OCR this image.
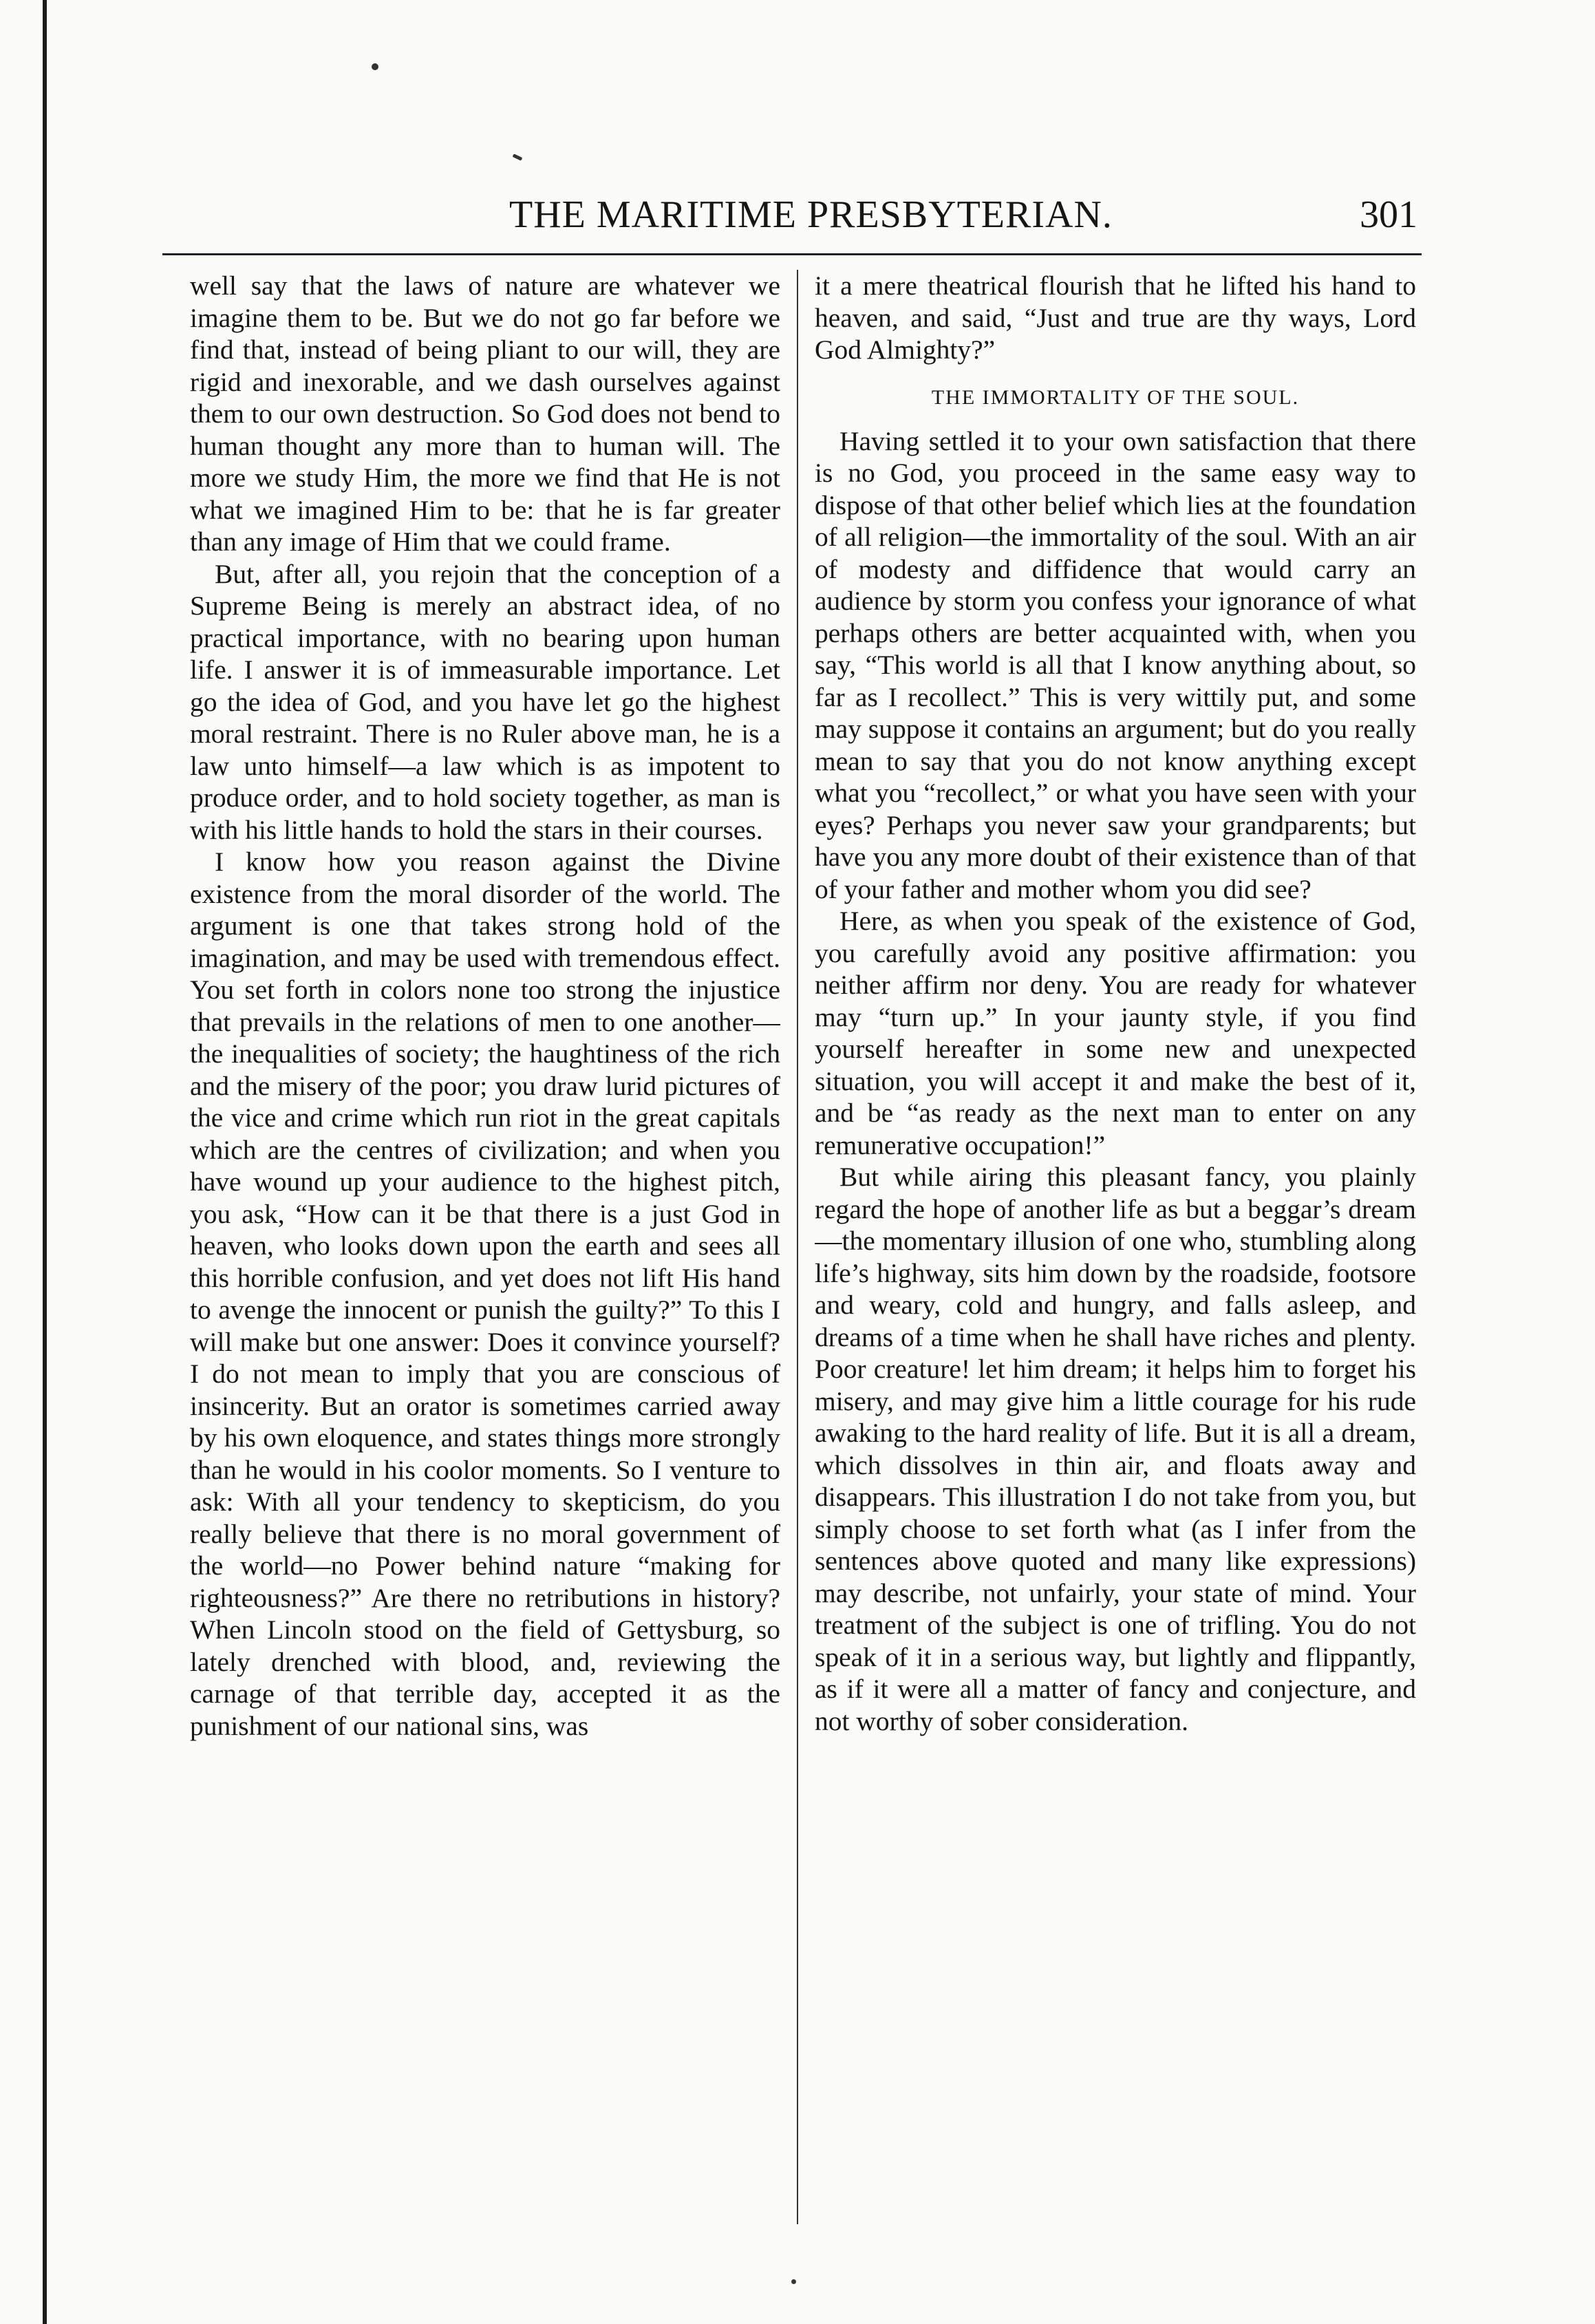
THE MARITIME PRESBYTERIAN.	301

well say that the laws of nature are whatever we imagine them to be. But we do not go far before we find that, instead of being pliant to our will, they are rigid and inexorable, and we dash ourselves against them to our own destruction. So God does not bend to human thought any more than to human will. The more we study Him, the more we find that He is not what we imagined Him to be: that he is far greater than any image of Him that we could frame.

But, after all, you rejoin that the conception of a Supreme Being is merely an abstract idea, of no practical importance, with no bearing upon human life. I answer it is of immeasurable importance. Let go the idea of God, and you have let go the highest moral restraint. There is no Ruler above man, he is a law unto himself—a law which is as impotent to produce order, and to hold society together, as man is with his little hands to hold the stars in their courses.

I know how you reason against the Divine existence from the moral disorder of the world. The argument is one that takes strong hold of the imagination, and may be used with tremendous effect. You set forth in colors none too strong the injustice that prevails in the relations of men to one another—the inequalities of society; the haughtiness of the rich and the misery of the poor; you draw lurid pictures of the vice and crime which run riot in the great capitals which are the centres of civilization; and when you have wound up your audience to the highest pitch, you ask, “How can it be that there is a just God in heaven, who looks down upon the earth and sees all this horrible confusion, and yet does not lift His hand to avenge the innocent or punish the guilty?” To this I will make but one answer: Does it convince yourself? I do not mean to imply that you are conscious of insincerity. But an orator is sometimes carried away by his own eloquence, and states things more strongly than he would in his coolor moments. So I venture to ask: With all your tendency to skepticism, do you really believe that there is no moral government of the world—no Power behind nature “making for righteousness?” Are there no retributions in history? When Lincoln stood on the field of Gettysburg, so lately drenched with blood, and, reviewing the carnage of that terrible day, accepted it as the punishment of our national sins, was

it a mere theatrical flourish that he lifted his hand to heaven, and said, “Just and true are thy ways, Lord God Almighty?”

THE IMMORTALITY OF THE SOUL.

Having settled it to your own satisfaction that there is no God, you proceed in the same easy way to dispose of that other belief which lies at the foundation of all religion—the immortality of the soul. With an air of modesty and diffidence that would carry an audience by storm you confess your ignorance of what perhaps others are better acquainted with, when you say, “This world is all that I know anything about, so far as I recollect.” This is very wittily put, and some may suppose it contains an argument; but do you really mean to say that you do not know anything except what you “recollect,” or what you have seen with your eyes? Perhaps you never saw your grandparents; but have you any more doubt of their existence than of that of your father and mother whom you did see?

Here, as when you speak of the existence of God, you carefully avoid any positive affirmation: you neither affirm nor deny. You are ready for whatever may “turn up.” In your jaunty style, if you find yourself hereafter in some new and unexpected situation, you will accept it and make the best of it, and be “as ready as the next man to enter on any remunerative occupation!”

But while airing this pleasant fancy, you plainly regard the hope of another life as but a beggar’s dream—the momentary illusion of one who, stumbling along life’s highway, sits him down by the roadside, footsore and weary, cold and hungry, and falls asleep, and dreams of a time when he shall have riches and plenty. Poor creature! let him dream; it helps him to forget his misery, and may give him a little courage for his rude awaking to the hard reality of life. But it is all a dream, which dissolves in thin air, and floats away and disappears. This illustration I do not take from you, but simply choose to set forth what (as I infer from the sentences above quoted and many like expressions) may describe, not unfairly, your state of mind. Your treatment of the subject is one of trifling. You do not speak of it in a serious way, but lightly and flippantly, as if it were all a matter of fancy and conjecture, and not worthy of sober consideration.
